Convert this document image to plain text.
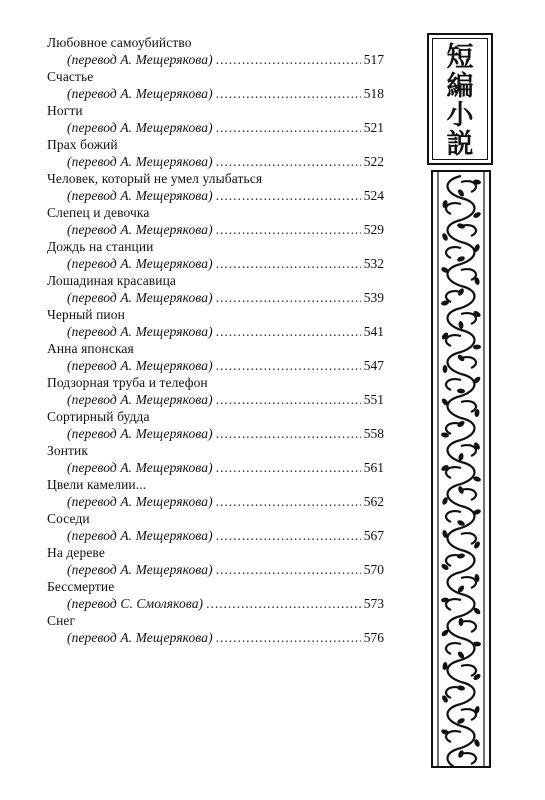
Любовное самоубийство
(перевод А. Мещерякова) . . .	517
Счастье
(перевод А. Мещерякова) . . .	518
Ногти
(перевод А. Мещерякова) . . .	521
Прах божий
(перевод А. Мещерякова) . . .	522
Человек, который не умел улыбаться
(перевод А. Мещерякова) . . .	524
Слепец и девочка
(перевод А. Мещерякова) . . .	529
Дождь на станции
(перевод А. Мещерякова) . . .	532
Лошадиная красавица
(перевод А. Мещерякова) . . .	539
Черный пион
(перевод А. Мещерякова) . . .	541
Анна японская
(перевод А. Мещерякова) . . .	547
Подзорная труба и телефон
(перевод А. Мещерякова) . . .	551
Сортирный будда
(перевод А. Мещерякова) . . .	558
Зонтик
(перевод А. Мещерякова) . . .	561
Цвели камелии...
(перевод А. Мещерякова) . . .	562
Соседи
(перевод А. Мещерякова) . . .	567
На дереве
(перевод А. Мещерякова) . . .	570
Бессмертие
(перевод С. Смолякова) . . .	573
Снег
(перевод А. Мещерякова) . . .	576
短
編
小
説
